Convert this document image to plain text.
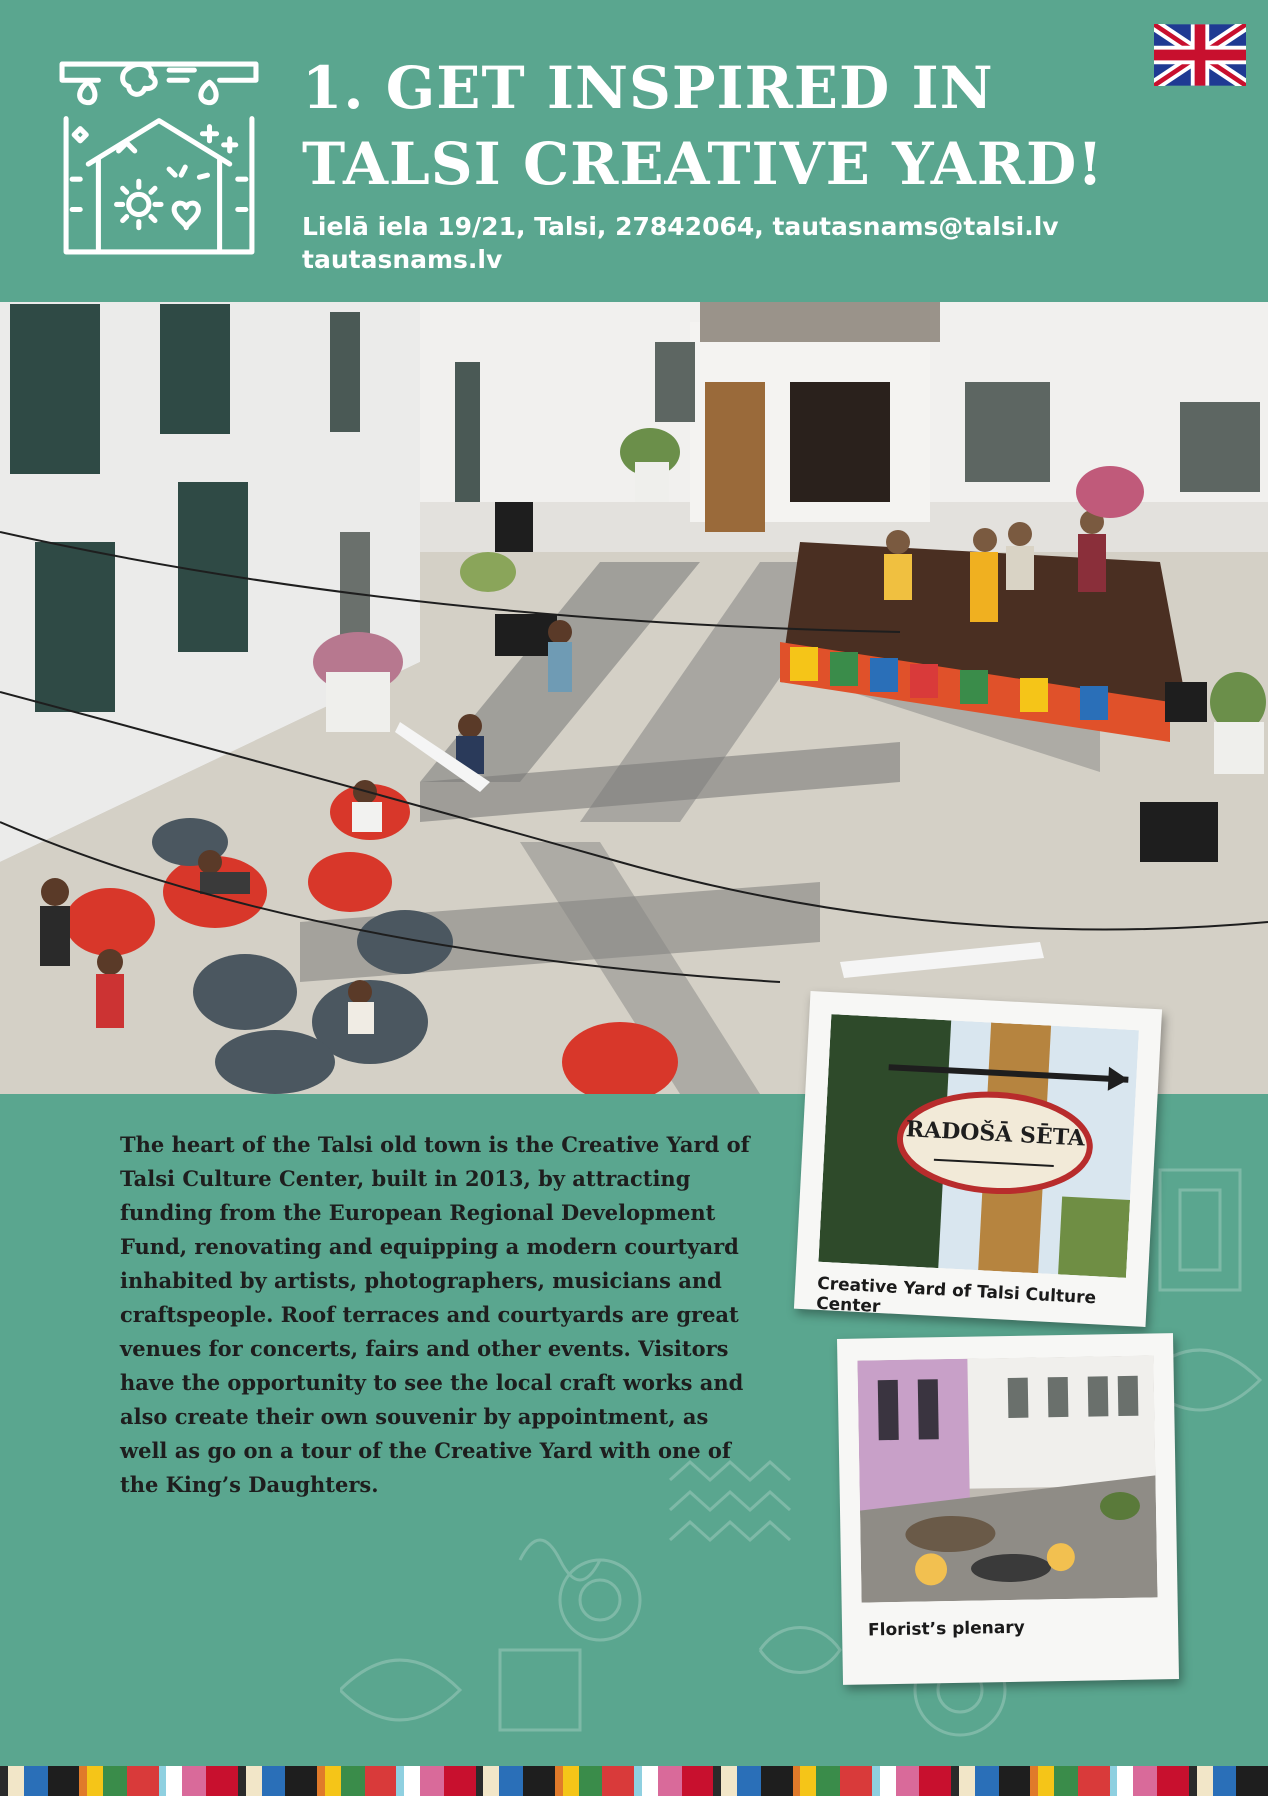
1. GET INSPIRED IN
TALSI CREATIVE YARD!
Lielā iela 19/21, Talsi, 27842064, tautasnams@talsi.lv
tautasnams.lv

The heart of the Talsi old town is the Creative Yard of Talsi Culture Center, built in 2013, by attracting funding from the European Regional Development Fund, renovating and equipping a modern courtyard inhabited by artists, photographers, musicians and craftspeople. Roof terraces and courtyards are great venues for concerts, fairs and other events. Visitors have the opportunity to see the local craft works and also create their own souvenir by appointment, as well as go on a tour of the Creative Yard with one of the King’s Daughters.

RADOŠĀ SĒTA
Creative Yard of Talsi Culture Center
Florist’s plenary
